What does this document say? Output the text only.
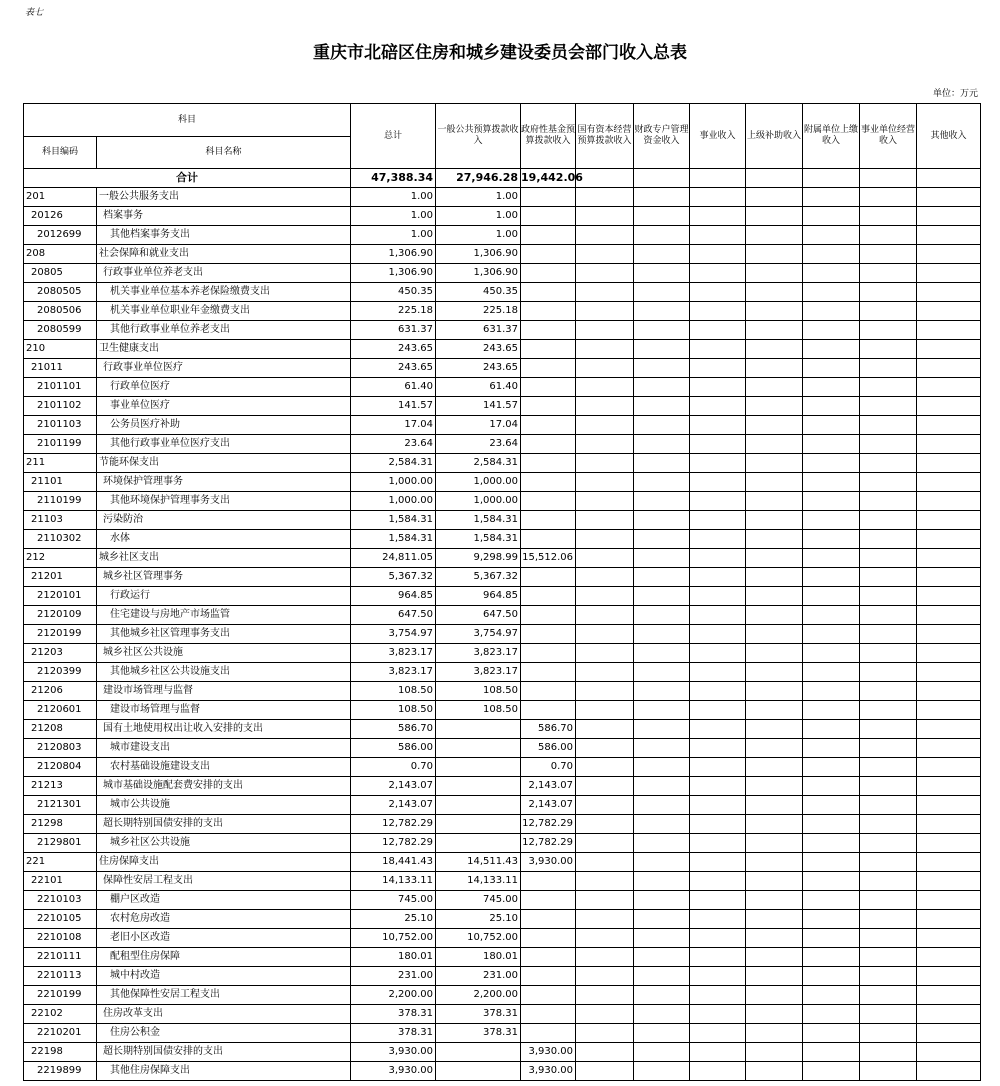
表七
重庆市北碚区住房和城乡建设委员会部门收入总表
单位：万元
科目		总计	一般公共预算拨款收入	政府性基金预算拨款收入	国有资本经营预算拨款收入	财政专户管理资金收入	事业收入	上级补助收入	附属单位上缴收入	事业单位经营收入	其他收入
科目编码	科目名称										
合计		47,388.34	27,946.28	19,442.06							
201	一般公共服务支出	1.00	1.00								
20126	档案事务	1.00	1.00								
2012699	其他档案事务支出	1.00	1.00								
208	社会保障和就业支出	1,306.90	1,306.90								
20805	行政事业单位养老支出	1,306.90	1,306.90								
2080505	机关事业单位基本养老保险缴费支出	450.35	450.35								
2080506	机关事业单位职业年金缴费支出	225.18	225.18								
2080599	其他行政事业单位养老支出	631.37	631.37								
210	卫生健康支出	243.65	243.65								
21011	行政事业单位医疗	243.65	243.65								
2101101	行政单位医疗	61.40	61.40								
2101102	事业单位医疗	141.57	141.57								
2101103	公务员医疗补助	17.04	17.04								
2101199	其他行政事业单位医疗支出	23.64	23.64								
211	节能环保支出	2,584.31	2,584.31								
21101	环境保护管理事务	1,000.00	1,000.00								
2110199	其他环境保护管理事务支出	1,000.00	1,000.00								
21103	污染防治	1,584.31	1,584.31								
2110302	水体	1,584.31	1,584.31								
212	城乡社区支出	24,811.05	9,298.99	15,512.06							
21201	城乡社区管理事务	5,367.32	5,367.32								
2120101	行政运行	964.85	964.85								
2120109	住宅建设与房地产市场监管	647.50	647.50								
2120199	其他城乡社区管理事务支出	3,754.97	3,754.97								
21203	城乡社区公共设施	3,823.17	3,823.17								
2120399	其他城乡社区公共设施支出	3,823.17	3,823.17								
21206	建设市场管理与监督	108.50	108.50								
2120601	建设市场管理与监督	108.50	108.50								
21208	国有土地使用权出让收入安排的支出	586.70		586.70							
2120803	城市建设支出	586.00		586.00							
2120804	农村基础设施建设支出	0.70		0.70							
21213	城市基础设施配套费安排的支出	2,143.07		2,143.07							
2121301	城市公共设施	2,143.07		2,143.07							
21298	超长期特别国债安排的支出	12,782.29		12,782.29							
2129801	城乡社区公共设施	12,782.29		12,782.29							
221	住房保障支出	18,441.43	14,511.43	3,930.00							
22101	保障性安居工程支出	14,133.11	14,133.11								
2210103	棚户区改造	745.00	745.00								
2210105	农村危房改造	25.10	25.10								
2210108	老旧小区改造	10,752.00	10,752.00								
2210111	配租型住房保障	180.01	180.01								
2210113	城中村改造	231.00	231.00								
2210199	其他保障性安居工程支出	2,200.00	2,200.00								
22102	住房改革支出	378.31	378.31								
2210201	住房公积金	378.31	378.31								
22198	超长期特别国债安排的支出	3,930.00		3,930.00							
2219899	其他住房保障支出	3,930.00		3,930.00							
